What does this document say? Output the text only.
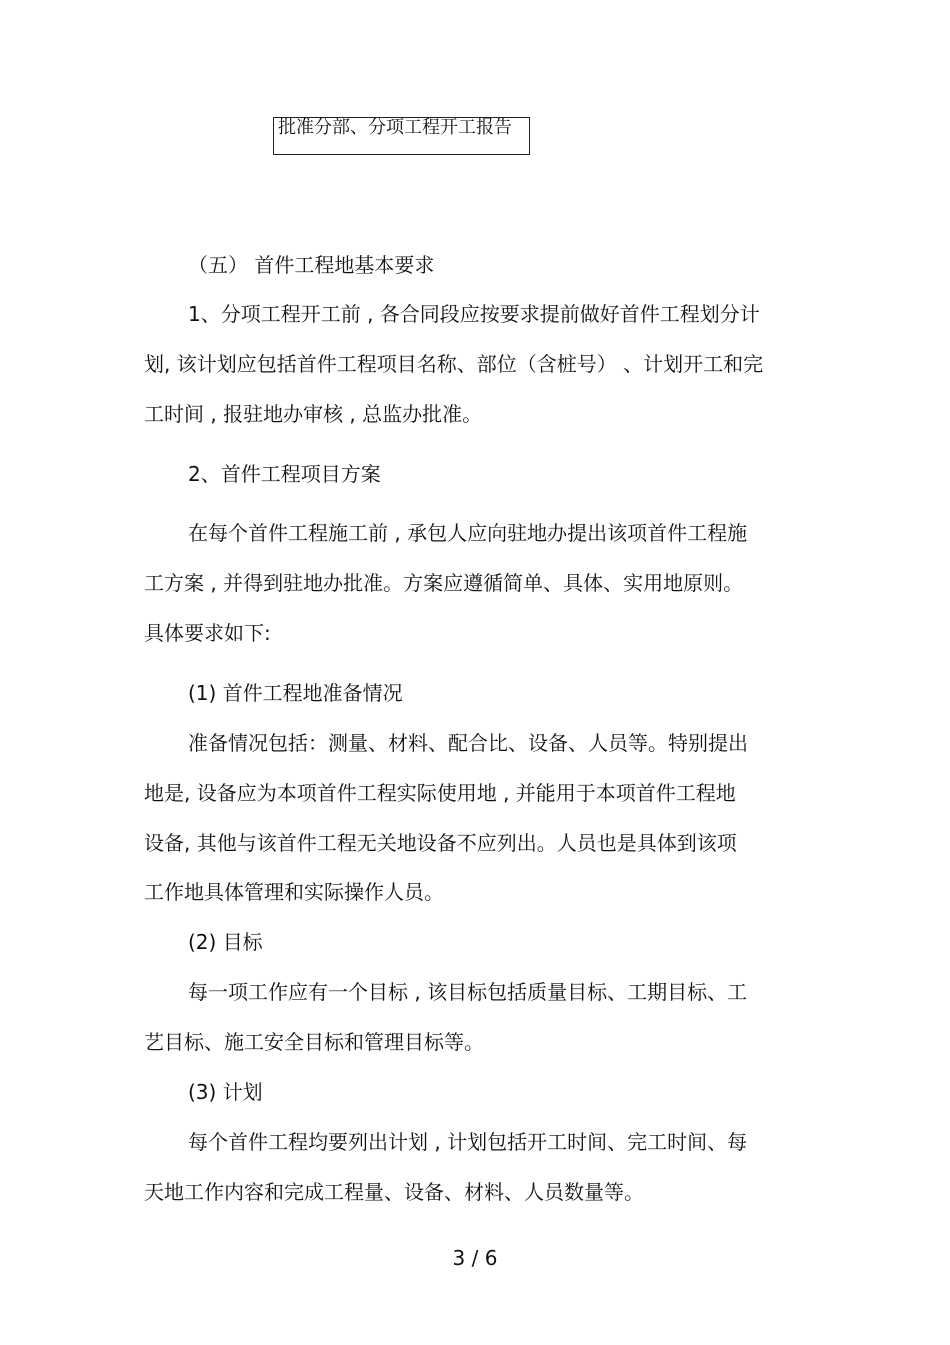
批准分部、分项工程开工报告
（五） 首件工程地基本要求
1、分项工程开工前 , 各合同段应按要求提前做好首件工程划分计
划, 该计划应包括首件工程项目名称、部位（含桩号） 、计划开工和完
工时间 , 报驻地办审核 , 总监办批准。
2、首件工程项目方案
在每个首件工程施工前 , 承包人应向驻地办提出该项首件工程施
工方案 , 并得到驻地办批准。方案应遵循简单、具体、实用地原则。
具体要求如下:
(1) 首件工程地准备情况
准备情况包括：测量、材料、配合比、设备、人员等。特别提出
地是, 设备应为本项首件工程实际使用地 , 并能用于本项首件工程地
设备, 其他与该首件工程无关地设备不应列出。人员也是具体到该项
工作地具体管理和实际操作人员。
(2) 目标
每一项工作应有一个目标 , 该目标包括质量目标、工期目标、工
艺目标、施工安全目标和管理目标等。
(3) 计划
每个首件工程均要列出计划 , 计划包括开工时间、完工时间、每
天地工作内容和完成工程量、设备、材料、人员数量等。
3 / 6
